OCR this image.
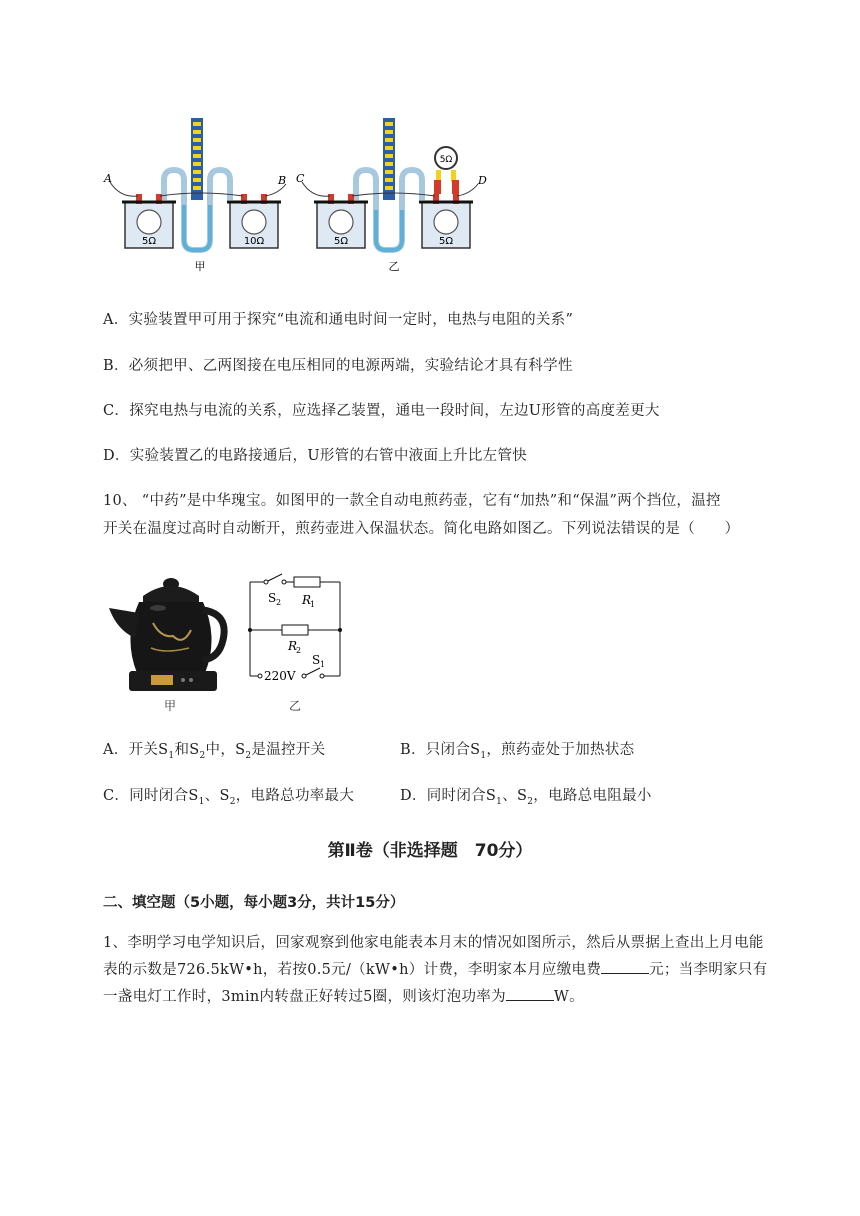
5Ω	10Ω
A	B
甲
5Ω	5Ω
5Ω
C	D
乙
A．实验装置甲可用于探究“电流和通电时间一定时，电热与电阻的关系”
B．必须把甲、乙两图接在电压相同的电源两端，实验结论才具有科学性
C．探究电热与电流的关系，应选择乙装置，通电一段时间，左边U形管的高度差更大
D．实验装置乙的电路接通后，U形管的右管中液面上升比左管快
10、 “中药”是中华瑰宝。如图甲的一款全自动电煎药壶，它有“加热”和“保温”两个挡位，温控
开关在温度过高时自动断开，煎药壶进入保温状态。简化电路如图乙。下列说法错误的是（　　）
甲
S 2 R
1
R
2
220V
S 1
乙
A．开关$S_1$和$S_2$中，$S_2$是温控开关	B．只闭合$S_1$，煎药壶处于加热状态
C．同时闭合$S_1$、$S_2$，电路总功率最大	D．同时闭合$S_1$、$S_2$，电路总电阻最小
第Ⅱ卷（非选择题　70分）
二、填空题（5小题，每小题3分，共计15分）
1、李明学习电学知识后，回家观察到他家电能表本月末的情况如图所示，然后从票据上查出上月电能
表的示数是726.5kW•h，若按0.5元/（kW•h）计费，李明家本月应缴电费	元；当李明家只有
一盏电灯工作时，3min内转盘正好转过5圈，则该灯泡功率为	W。
